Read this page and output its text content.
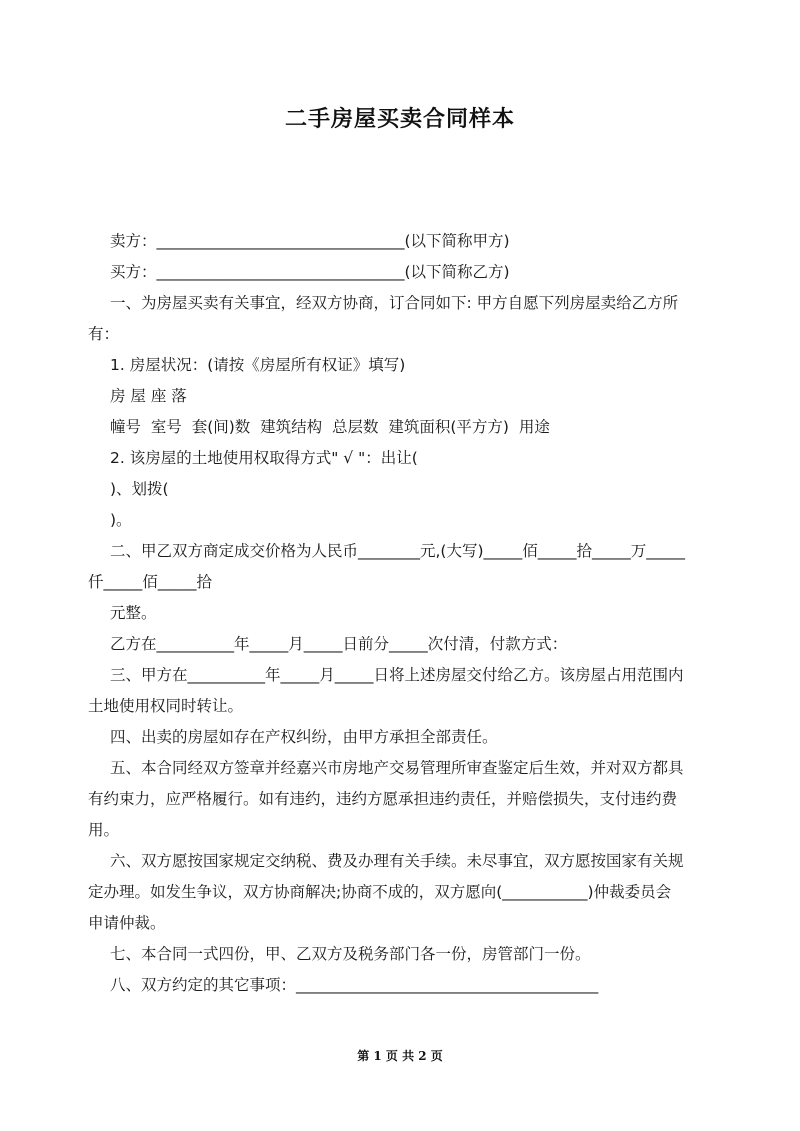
二手房屋买卖合同样本
卖方：________________________________(以下简称甲方)
买方：________________________________(以下简称乙方)
一、为房屋买卖有关事宜，经双方协商，订合同如下: 甲方自愿下列房屋卖给乙方所
有：
1. 房屋状况：(请按《房屋所有权证》填写)
房 屋 座 落
幢号  室号  套(间)数  建筑结构  总层数  建筑面积(平方方)  用途
2. 该房屋的土地使用权取得方式" √ "：出让(
)、划拨(
)。
二、甲乙双方商定成交价格为人民币________元,(大写)_____佰_____拾_____万_____
仟_____佰_____拾
元整。
乙方在__________年_____月_____日前分_____次付清，付款方式：
三、甲方在__________年_____月_____日将上述房屋交付给乙方。该房屋占用范围内
土地使用权同时转让。
四、出卖的房屋如存在产权纠纷，由甲方承担全部责任。
五、本合同经双方签章并经嘉兴市房地产交易管理所审查鉴定后生效，并对双方都具
有约束力，应严格履行。如有违约，违约方愿承担违约责任，并赔偿损失，支付违约费
用。
六、双方愿按国家规定交纳税、费及办理有关手续。未尽事宜，双方愿按国家有关规
定办理。如发生争议，双方协商解决;协商不成的，双方愿向(___________)仲裁委员会
申请仲裁。
七、本合同一式四份，甲、乙双方及税务部门各一份，房管部门一份。
八、双方约定的其它事项：_______________________________________
第 1 页 共 2 页
